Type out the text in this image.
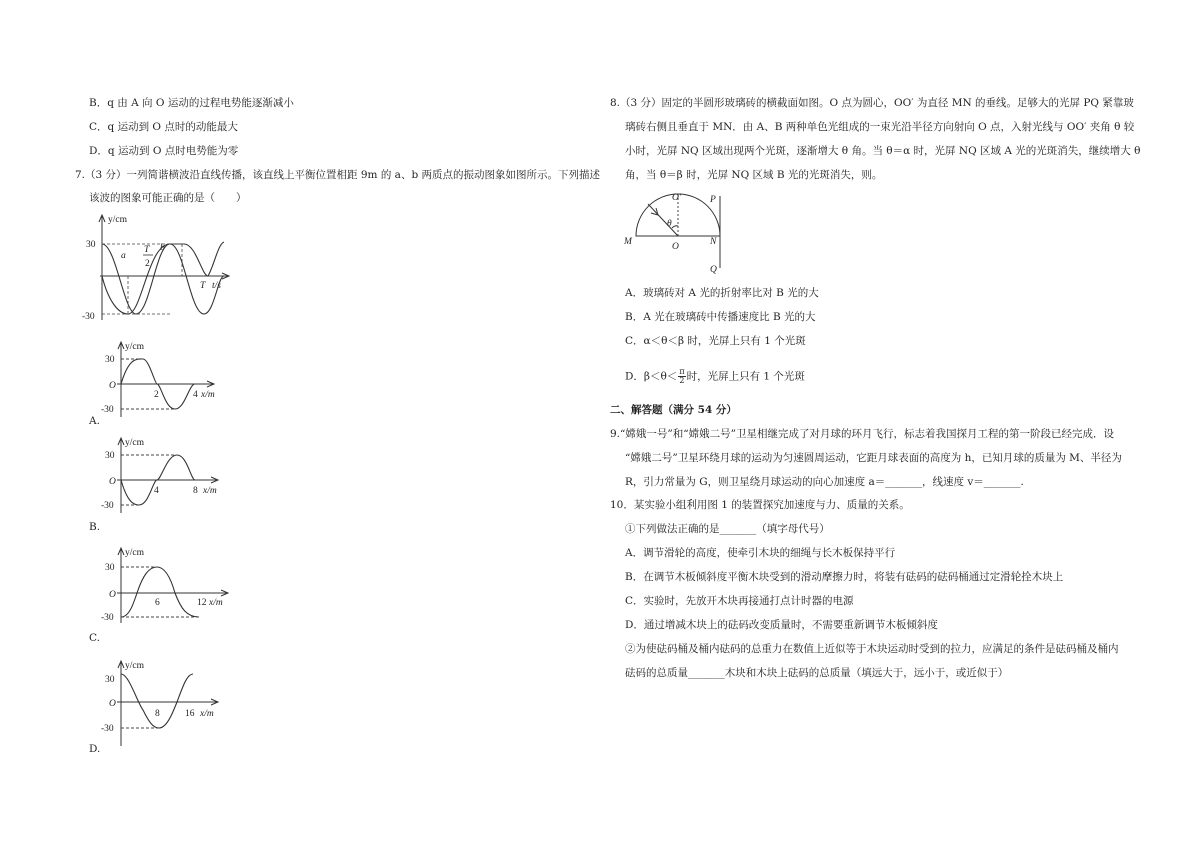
B．q 由 A 向 O 运动的过程电势能逐渐减小
C．q 运动到 O 点时的动能最大
D．q 运动到 O 点时电势能为零
7.（3 分）一列简谐横波沿直线传播，该直线上平衡位置相距 9m 的 a、b 两质点的振动图象如图所示。下列描述
该波的图象可能正确的是（　　）
y/cm
30
-30
a
b
T
2
T t/s
y/cm
30
O
-30
2	4 x/m
A.
y/cm
30
O
-30
4	8 x/m
B.
y/cm
30
O
-30
6	12 x/m
C.
y/cm
30
O
-30
8	16 x/m
D.
8.（3 分）固定的半圆形玻璃砖的横截面如图。O 点为圆心，OO′ 为直径 MN 的垂线。足够大的光屏 PQ 紧靠玻
璃砖右侧且垂直于 MN．由 A、B 两种单色光组成的一束光沿半径方向射向 O 点，入射光线与 OO′ 夹角 θ 较
小时，光屏 NQ 区域出现两个光斑，逐渐增大 θ 角。当 θ＝α 时，光屏 NQ 区域 A 光的光斑消失，继续增大 θ
角，当 θ＝β 时，光屏 NQ 区域 B 光的光斑消失，则。
O′	P
θ
M	O	N
Q
A．玻璃砖对 A 光的折射率比对 B 光的大
B．A 光在玻璃砖中传播速度比 B 光的大
C．α＜θ＜β 时，光屏上只有 1 个光斑
D．$\beta<\theta< \frac{\pi}{2}$ 时，光屏上只有 1 个光斑
二、解答题（满分 54 分）
9.“嫦娥一号”和“嫦娥二号”卫星相继完成了对月球的环月飞行，标志着我国探月工程的第一阶段已经完成．设
“嫦娥二号”卫星环绕月球的运动为匀速圆周运动，它距月球表面的高度为 h，已知月球的质量为 M、半径为
R，引力常量为 G，则卫星绕月球运动的向心加速度 a＝_______，线速度 v＝_______.
10．某实验小组利用图 1 的装置探究加速度与力、质量的关系。
①下列做法正确的是_______（填字母代号）
A．调节滑轮的高度，使牵引木块的细绳与长木板保持平行
B．在调节木板倾斜度平衡木块受到的滑动摩擦力时，将装有砝码的砝码桶通过定滑轮拴木块上
C．实验时，先放开木块再接通打点计时器的电源
D．通过增减木块上的砝码改变质量时，不需要重新调节木板倾斜度
②为使砝码桶及桶内砝码的总重力在数值上近似等于木块运动时受到的拉力，应满足的条件是砝码桶及桶内
砝码的总质量_______木块和木块上砝码的总质量（填远大于，远小于，或近似于）
